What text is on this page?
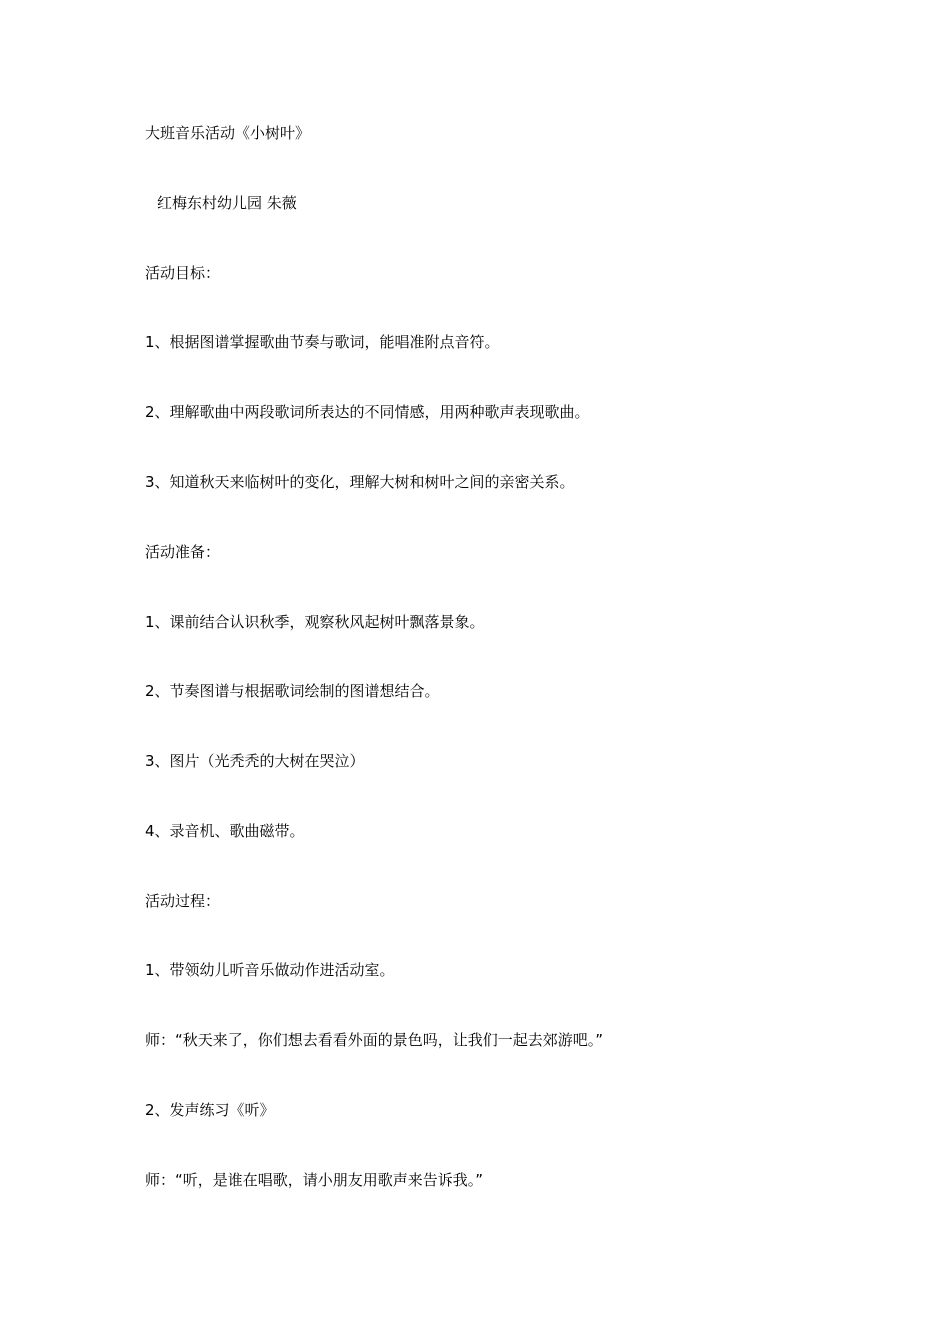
大班音乐活动《小树叶》
红梅东村幼儿园 朱薇
活动目标：
1、根据图谱掌握歌曲节奏与歌词，能唱准附点音符。
2、理解歌曲中两段歌词所表达的不同情感，用两种歌声表现歌曲。
3、知道秋天来临树叶的变化，理解大树和树叶之间的亲密关系。
活动准备：
1、课前结合认识秋季，观察秋风起树叶飘落景象。
2、节奏图谱与根据歌词绘制的图谱想结合。
3、图片（光秃秃的大树在哭泣）
4、录音机、歌曲磁带。
活动过程：
1、带领幼儿听音乐做动作进活动室。
师：“秋天来了，你们想去看看外面的景色吗，让我们一起去郊游吧。”
2、发声练习《听》
师：“听，是谁在唱歌，请小朋友用歌声来告诉我。”
